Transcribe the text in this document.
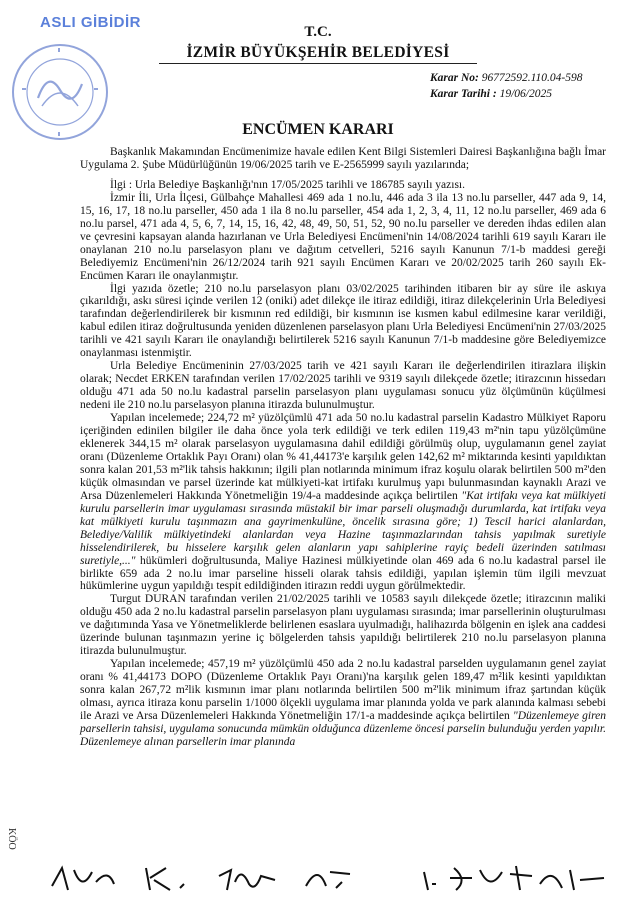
ASLI GİBİDİR
T.C.
İZMİR BÜYÜKŞEHİR BELEDİYESİ
Karar No: 96772592.110.04-598
Karar Tarihi : 19/06/2025
ENCÜMEN KARARI

Başkanlık Makamından Encümenimize havale edilen Kent Bilgi Sistemleri Dairesi Başkanlığına bağlı İmar Uygulama 2. Şube Müdürlüğünün 19/06/2025 tarih ve E-2565999 sayılı yazılarında;

İlgi : Urla Belediye Başkanlığı'nın 17/05/2025 tarihli ve 186785 sayılı yazısı.

İzmir İli, Urla İlçesi, Gülbahçe Mahallesi 469 ada 1 no.lu, 446 ada 3 ila 13 no.lu parseller, 447 ada 9, 14, 15, 16, 17, 18 no.lu parseller, 450 ada 1 ila 8 no.lu parseller, 454 ada 1, 2, 3, 4, 11, 12 no.lu parseller, 469 ada 6 no.lu parsel, 471 ada 4, 5, 6, 7, 14, 15, 16, 42, 48, 49, 50, 51, 52, 90 no.lu parseller ve dereden ihdas edilen alan ve çevresini kapsayan alanda hazırlanan ve Urla Belediyesi Encümeni'nin 14/08/2024 tarihli 619 sayılı Kararı ile onaylanan 210 no.lu parselasyon planı ve dağıtım cetvelleri, 5216 sayılı Kanunun 7/1-b maddesi gereği Belediyemiz Encümeni'nin 26/12/2024 tarih 921 sayılı Encümen Kararı ve 20/02/2025 tarih 260 sayılı Ek-Encümen Kararı ile onaylanmıştır.

İlgi yazıda özetle; 210 no.lu parselasyon planı 03/02/2025 tarihinden itibaren bir ay süre ile askıya çıkarıldığı, askı süresi içinde verilen 12 (oniki) adet dilekçe ile itiraz edildiği, itiraz dilekçelerinin Urla Belediyesi tarafından değerlendirilerek bir kısmının red edildiği, bir kısmının ise kısmen kabul edilmesine karar verildiği, kabul edilen itiraz doğrultusunda yeniden düzenlenen parselasyon planı Urla Belediyesi Encümeni'nin 27/03/2025 tarihli ve 421 sayılı Kararı ile onaylandığı belirtilerek 5216 sayılı Kanunun 7/1-b maddesine göre Belediyemizce onaylanması istenmiştir.

Urla Belediye Encümeninin 27/03/2025 tarih ve 421 sayılı Kararı ile değerlendirilen itirazlara ilişkin olarak; Necdet ERKEN tarafından verilen 17/02/2025 tarihli ve 9319 sayılı dilekçede özetle; itirazcının hissedarı olduğu 471 ada 50 no.lu kadastral parselin parselasyon planı uygulaması sonucu yüz ölçümünün küçülmesi nedeni ile 210 no.lu parselasyon planına itirazda bulunulmuştur.

Yapılan incelemede; 224,72 m² yüzölçümlü 471 ada 50 no.lu kadastral parselin Kadastro Mülkiyet Raporu içeriğinden edinilen bilgiler ile daha önce yola terk edildiği ve terk edilen 119,43 m²'nin tapu yüzölçümüne eklenerek 344,15 m² olarak parselasyon uygulamasına dahil edildiği görülmüş olup, uygulamanın genel zayiat oranı (Düzenleme Ortaklık Payı Oranı) olan % 41,44173'e karşılık gelen 142,62 m² miktarında kesinti yapıldıktan sonra kalan 201,53 m²'lik tahsis hakkının; ilgili plan notlarında minimum ifraz koşulu olarak belirtilen 500 m²'den küçük olmasından ve parsel üzerinde kat mülkiyeti-kat irtifakı kurulmuş yapı bulunmasından kaynaklı Arazi ve Arsa Düzenlemeleri Hakkında Yönetmeliğin 19/4-a maddesinde açıkça belirtilen "Kat irtifakı veya kat mülkiyeti kurulu parsellerin imar uygulaması sırasında müstakil bir imar parseli oluşmadığı durumlarda, kat irtifakı veya kat mülkiyeti kurulu taşınmazın ana gayrimenkulüne, öncelik sırasına göre; 1) Tescil harici alanlardan, Belediye/Valilik mülkiyetindeki alanlardan veya Hazine taşınmazlarından tahsis yapılmak suretiyle hisselendirilerek, bu hisselere karşılık gelen alanların yapı sahiplerine rayiç bedeli üzerinden satılması suretiyle,..." hükümleri doğrultusunda, Maliye Hazinesi mülkiyetinde olan 469 ada 6 no.lu kadastral parsel ile birlikte 659 ada 2 no.lu imar parseline hisseli olarak tahsis edildiği, yapılan işlemin tüm ilgili mevzuat hükümlerine uygun yapıldığı tespit edildiğinden itirazın reddi uygun görülmektedir.

Turgut DURAN tarafından verilen 21/02/2025 tarihli ve 10583 sayılı dilekçede özetle; itirazcının maliki olduğu 450 ada 2 no.lu kadastral parselin parselasyon planı uygulaması sırasında; imar parsellerinin oluşturulması ve dağıtımında Yasa ve Yönetmeliklerde belirlenen esaslara uyulmadığı, halihazırda bölgenin en işlek ana caddesi üzerinde bulunan taşınmazın yerine iç bölgelerden tahsis yapıldığı belirtilerek 210 no.lu parselasyon planına itirazda bulunulmuştur.

Yapılan incelemede; 457,19 m² yüzölçümlü 450 ada 2 no.lu kadastral parselden uygulamanın genel zayiat oranı % 41,44173 DOPO (Düzenleme Ortaklık Payı Oranı)'na karşılık gelen 189,47 m²lik kesinti yapıldıktan sonra kalan 267,72 m²lik kısmının imar planı notlarında belirtilen 500 m²'lik minimum ifraz şartından küçük olması, ayrıca itiraza konu parselin 1/1000 ölçekli uygulama imar planında yolda ve park alanında kalması sebebi ile Arazi ve Arsa Düzenlemeleri Hakkında Yönetmeliğin 17/1-a maddesinde açıkça belirtilen "Düzenlemeye giren parsellerin tahsisi, uygulama sonucunda mümkün olduğunca düzenleme öncesi parselin bulunduğu yerden yapılır. Düzenlemeye alınan parsellerin imar planında

KÖO
